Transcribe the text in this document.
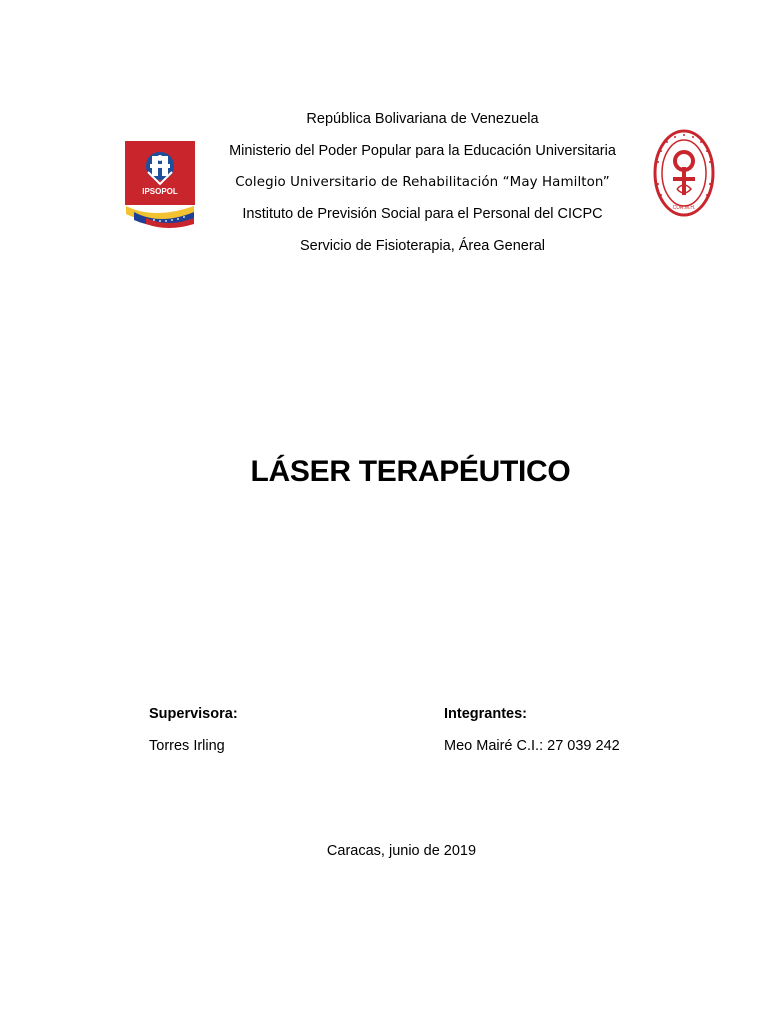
República Bolivariana de Venezuela
Ministerio del Poder Popular para la Educación Universitaria
Colegio Universitario de Rehabilitación “May Hamilton”
Instituto de Previsión Social para el Personal del CICPC
Servicio de Fisioterapia, Área General
IPSOPOL
CUR.M.H.
LÁSER TERAPÉUTICO
Supervisora:
Torres Irling
Integrantes:
Meo Mairé C.I.: 27 039 242
Caracas, junio de 2019
